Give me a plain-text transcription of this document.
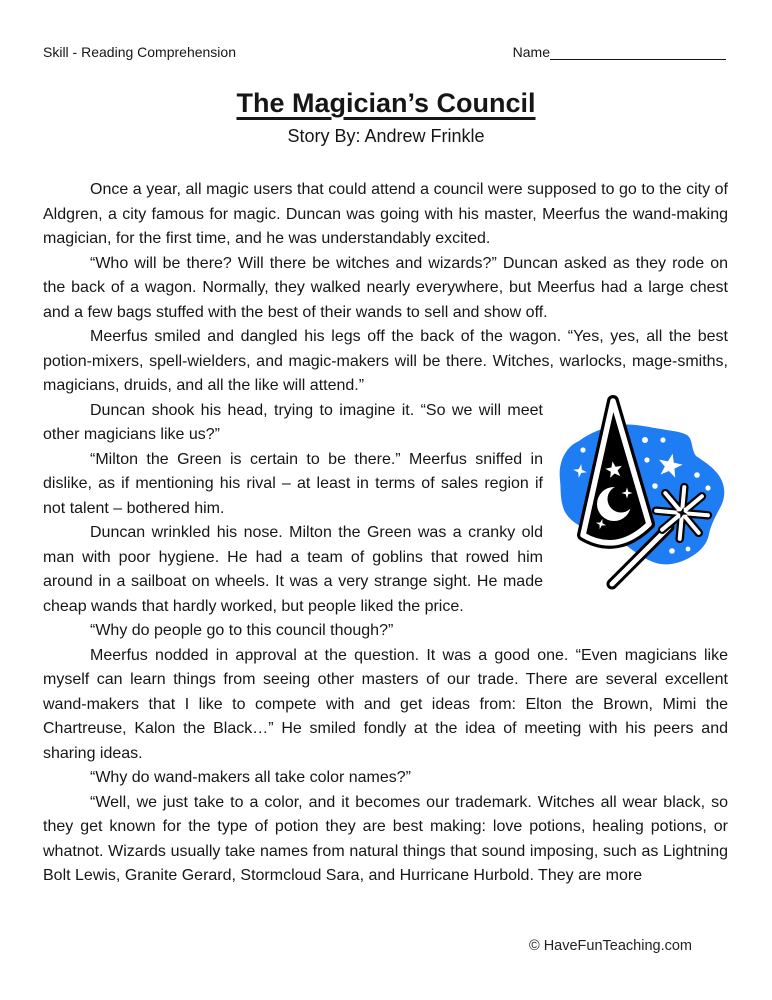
Skill - Reading Comprehension	Name
The Magician’s Council
Story By: Andrew Frinkle

Once a year, all magic users that could attend a council were supposed to go to the city of Aldgren, a city famous for magic. Duncan was going with his master, Meerfus the wand-making magician, for the first time, and he was understandably excited.

“Who will be there? Will there be witches and wizards?” Duncan asked as they rode on the back of a wagon. Normally, they walked nearly everywhere, but Meerfus had a large chest and a few bags stuffed with the best of their wands to sell and show off.

Meerfus smiled and dangled his legs off the back of the wagon. “Yes, yes, all the best potion-mixers, spell-wielders, and magic-makers will be there. Witches, warlocks, mage-smiths, magicians, druids, and all the like will attend.”

Duncan shook his head, trying to imagine it. “So we will meet other magicians like us?”

“Milton the Green is certain to be there.” Meerfus sniffed in dislike, as if mentioning his rival – at least in terms of sales region if not talent – bothered him.

Duncan wrinkled his nose. Milton the Green was a cranky old man with poor hygiene. He had a team of goblins that rowed him around in a sailboat on wheels. It was a very strange sight. He made cheap wands that hardly worked, but people liked the price.

“Why do people go to this council though?”

Meerfus nodded in approval at the question. It was a good one. “Even magicians like myself can learn things from seeing other masters of our trade. There are several excellent wand-makers that I like to compete with and get ideas from: Elton the Brown, Mimi the Chartreuse, Kalon the Black…” He smiled fondly at the idea of meeting with his peers and sharing ideas.

“Why do wand-makers all take color names?”

“Well, we just take to a color, and it becomes our trademark. Witches all wear black, so they get known for the type of potion they are best making: love potions, healing potions, or whatnot. Wizards usually take names from natural things that sound imposing, such as Lightning Bolt Lewis, Granite Gerard, Stormcloud Sara, and Hurricane Hurbold. They are more

© HaveFunTeaching.com
